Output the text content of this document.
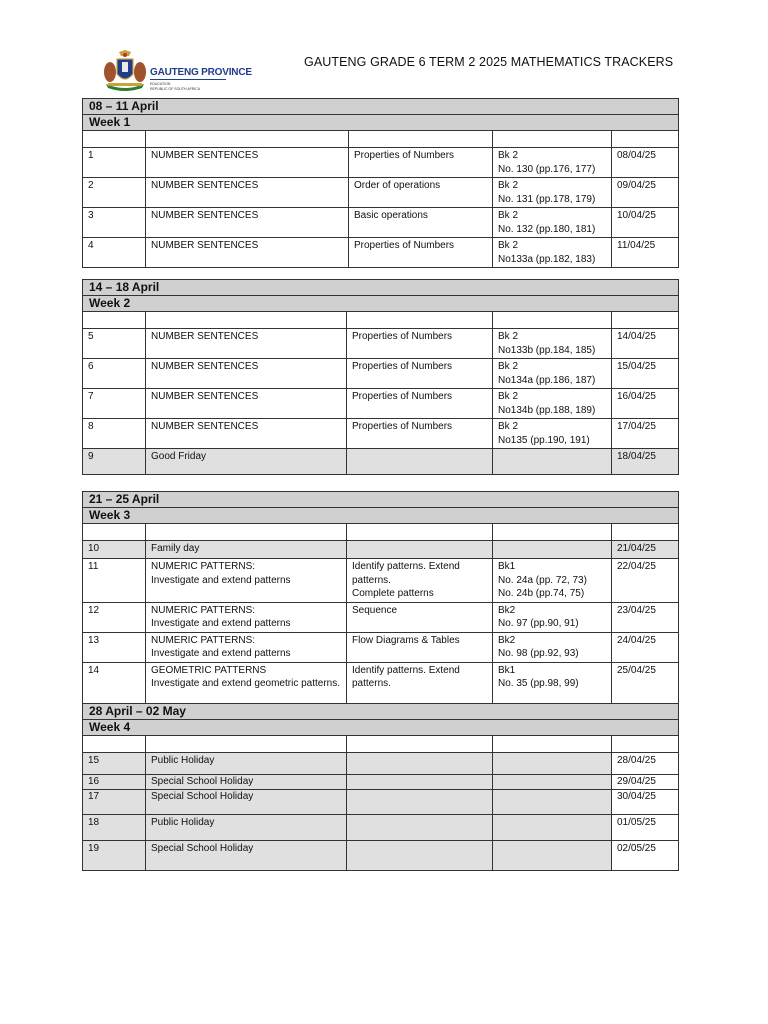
GAUTENG PROVINCE
EDUCATION
REPUBLIC OF SOUTH AFRICA
GAUTENG GRADE 6 TERM 2 2025 MATHEMATICS TRACKERS
08 – 11 April				
Week 1				

1	NUMBER SENTENCES	Properties of Numbers	Bk 2
No. 130 (pp.176, 177)	08/04/25
2	NUMBER SENTENCES	Order of operations	Bk 2
No. 131 (pp.178, 179)	09/04/25
3	NUMBER SENTENCES	Basic operations	Bk 2
No. 132 (pp.180, 181)	10/04/25
4	NUMBER SENTENCES	Properties of Numbers	Bk 2
No133a (pp.182, 183)	11/04/25
14 – 18 April				
Week 2				

5	NUMBER SENTENCES	Properties of Numbers	Bk 2
No133b (pp.184, 185)	14/04/25
6	NUMBER SENTENCES	Properties of Numbers	Bk 2
No134a (pp.186, 187)	15/04/25
7	NUMBER SENTENCES	Properties of Numbers	Bk 2
No134b (pp.188, 189)	16/04/25
8	NUMBER SENTENCES	Properties of Numbers	Bk 2
No135 (pp.190, 191)	17/04/25
9	Good Friday			18/04/25
21 – 25 April				
Week 3				

10	Family day			21/04/25
11	NUMERIC PATTERNS:
Investigate and extend patterns	Identify patterns. Extend patterns.
Complete patterns	Bk1
No. 24a (pp. 72, 73)
No. 24b (pp.74, 75)	22/04/25
12	NUMERIC PATTERNS:
Investigate and extend patterns	Sequence	Bk2
No. 97 (pp.90, 91)	23/04/25
13	NUMERIC PATTERNS:
Investigate and extend patterns	Flow Diagrams & Tables	Bk2
No. 98 (pp.92, 93)	24/04/25
14	GEOMETRIC PATTERNS
Investigate and extend geometric patterns.	Identify patterns. Extend patterns.	Bk1
No. 35 (pp.98, 99)	25/04/25
28 April – 02 May				
Week 4				

15	Public Holiday			28/04/25
16	Special School Holiday			29/04/25
17	Special School Holiday			30/04/25
18	Public Holiday			01/05/25
19	Special School Holiday			02/05/25
